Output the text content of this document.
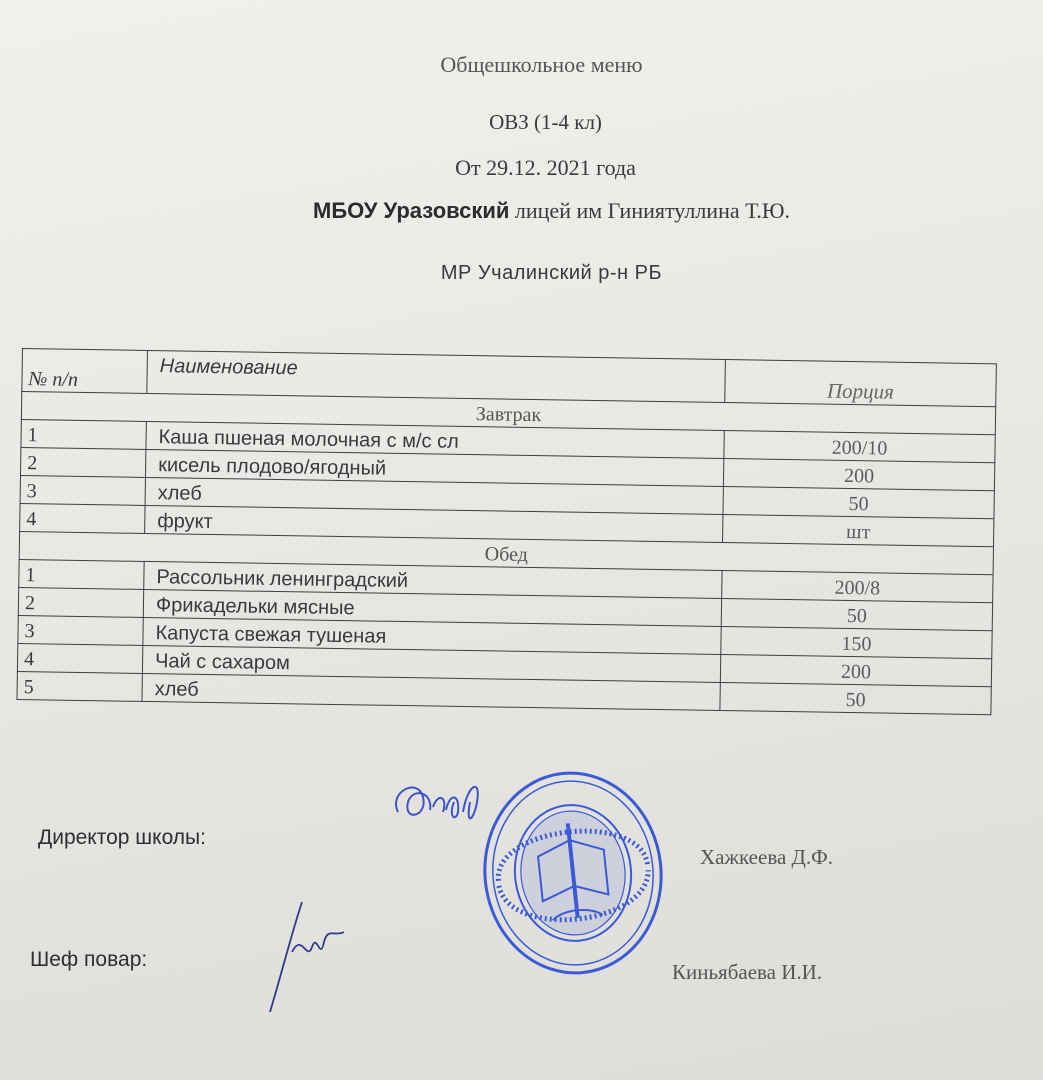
Общешкольное меню
ОВЗ (1-4 кл)
От 29.12. 2021 года
МБОУ Уразовский лицей им Гиниятуллина Т.Ю.
МР Учалинский р-н РБ
№ п/п	Наименование	Порция
Завтрак		
1	Каша пшеная молочная с м/с сл	200/10
2	кисель плодово/ягодный	200
3	хлеб	50
4	фрукт	шт
Обед		
1	Рассольник ленинградский	200/8
2	Фрикадельки мясные	50
3	Капуста свежая тушеная	150
4	Чай с сахаром	200
5	хлеб	50
Директор школы:
Хажкеева Д.Ф.
Шеф повар:
Киньябаева И.И.
